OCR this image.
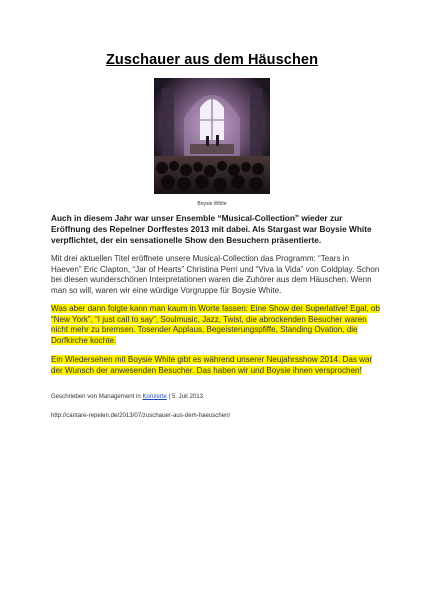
Zuschauer aus dem Häuschen
Boysie White
Auch in diesem Jahr war unser Ensemble “Musical-Collection” wieder zur Eröffnung des Repelner Dorffestes 2013 mit dabei. Als Stargast war Boysie White verpflichtet, der ein sensationelle Show den Besuchern präsentierte.
Mit drei aktuellen Titel eröffnete unsere Musical-Collection das Programm: “Tears in Haeven” Eric Clapton, “Jar of Hearts” Christina Perri und “Viva la Vida” von Coldplay. Schon bei diesen wunderschönen Interpretationen waren die Zuhörer aus dem Häuschen. Wenn man so will, waren wir eine würdige Vorgruppe für Boysie White.
Was aber dann folgte kann man kaum in Worte fassen: Eine Show der Superlative! Egal, ob “New York”, “I just call to say”, Soulmusic, Jazz, Twist, die abrockenden Besucher waren nicht mehr zu bremsen. Tosender Applaus, Begeisterungspfiffe, Standing Ovation, die Dorfkirche kochte.
Ein Wiedersehen mit Boysie White gibt es während unserer Neujahrsshow 2014. Das war der Wunsch der anwesenden Besucher. Das haben wir und Boysie ihnen versprochen!
Geschrieben von Management in Konzerte | 5. Juli 2013
http://cantare-repelen.de/2013/07/zuschauer-aus-dem-haeuschen/
